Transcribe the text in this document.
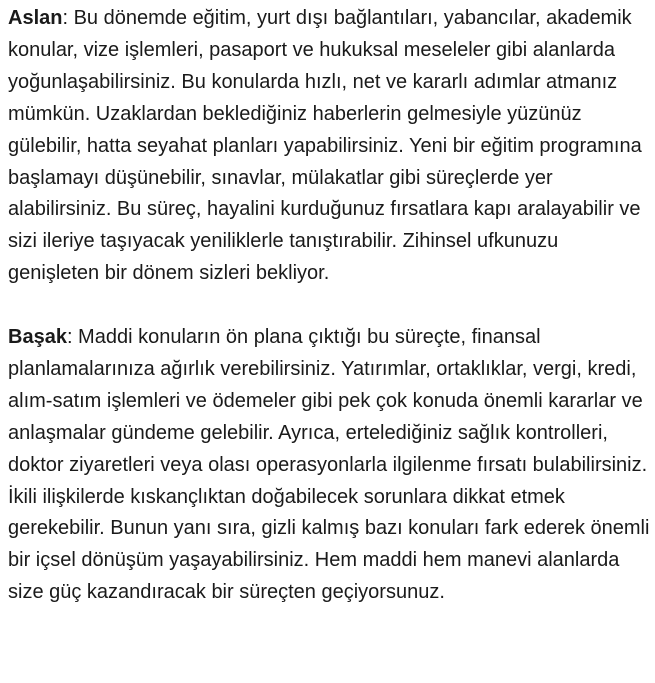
Aslan: Bu dönemde eğitim, yurt dışı bağlantıları, yabancılar, akademik konular, vize işlemleri, pasaport ve hukuksal meseleler gibi alanlarda yoğunlaşabilirsiniz. Bu konularda hızlı, net ve kararlı adımlar atmanız mümkün. Uzaklardan beklediğiniz haberlerin gelmesiyle yüzünüz gülebilir, hatta seyahat planları yapabilirsiniz. Yeni bir eğitim programına başlamayı düşünebilir, sınavlar, mülakatlar gibi süreçlerde yer alabilirsiniz. Bu süreç, hayalini kurduğunuz fırsatlara kapı aralayabilir ve sizi ileriye taşıyacak yeniliklerle tanıştırabilir. Zihinsel ufkunuzu genişleten bir dönem sizleri bekliyor.

Başak: Maddi konuların ön plana çıktığı bu süreçte, finansal planlamalarınıza ağırlık verebilirsiniz. Yatırımlar, ortaklıklar, vergi, kredi, alım-satım işlemleri ve ödemeler gibi pek çok konuda önemli kararlar ve anlaşmalar gündeme gelebilir. Ayrıca, ertelediğiniz sağlık kontrolleri, doktor ziyaretleri veya olası operasyonlarla ilgilenme fırsatı bulabilirsiniz. İkili ilişkilerde kıskançlıktan doğabilecek sorunlara dikkat etmek gerekebilir. Bunun yanı sıra, gizli kalmış bazı konuları fark ederek önemli bir içsel dönüşüm yaşayabilirsiniz. Hem maddi hem manevi alanlarda size güç kazandıracak bir süreçten geçiyorsunuz.
